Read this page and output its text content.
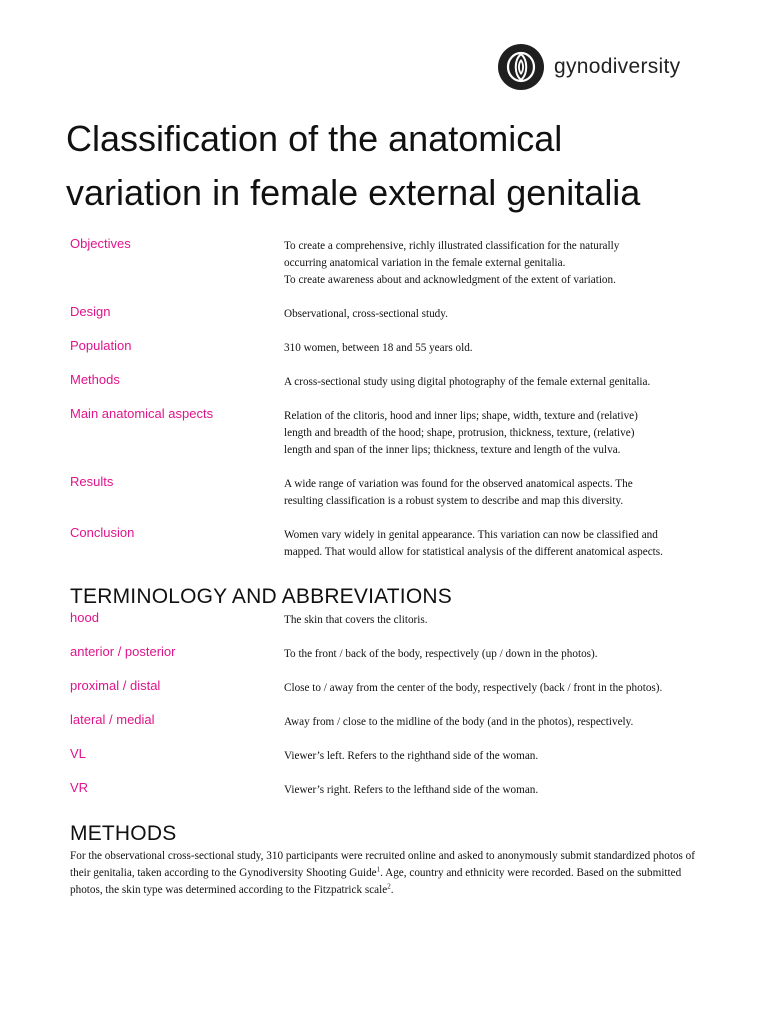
gynodiversity
Classification of the anatomical
variation in female external genitalia
Objectives	To create a comprehensive, richly illustrated classification for the naturally
occurring anatomical variation in the female external genitalia.
To create awareness about and acknowledgment of the extent of variation.
Design	Observational, cross-sectional study.
Population	310 women, between 18 and 55 years old.
Methods	A cross-sectional study using digital photography of the female external genitalia.
Main anatomical aspects	Relation of the clitoris, hood and inner lips; shape, width, texture and (relative)
length and breadth of the hood; shape, protrusion, thickness, texture, (relative)
length and span of the inner lips; thickness, texture and length of the vulva.
Results	A wide range of variation was found for the observed anatomical aspects. The
resulting classification is a robust system to describe and map this diversity.
Conclusion	Women vary widely in genital appearance. This variation can now be classified and
mapped. That would allow for statistical analysis of the different anatomical aspects.
TERMINOLOGY AND ABBREVIATIONS
hood	The skin that covers the clitoris.
anterior / posterior	To the front / back of the body, respectively (up / down in the photos).
proximal / distal	Close to / away from the center of the body, respectively (back / front in the photos).
lateral / medial	Away from / close to the midline of the body (and in the photos), respectively.
VL	Viewer’s left. Refers to the righthand side of the woman.
VR	Viewer’s right. Refers to the lefthand side of the woman.
METHODS

For the observational cross-sectional study, 310 participants were recruited online and asked to anonymously submit standardized photos of their genitalia, taken according to the Gynodiversity Shooting Guide$^1$. Age, country and ethnicity were recorded. Based on the submitted photos, the skin type was determined according to the Fitzpatrick scale$^2$.
